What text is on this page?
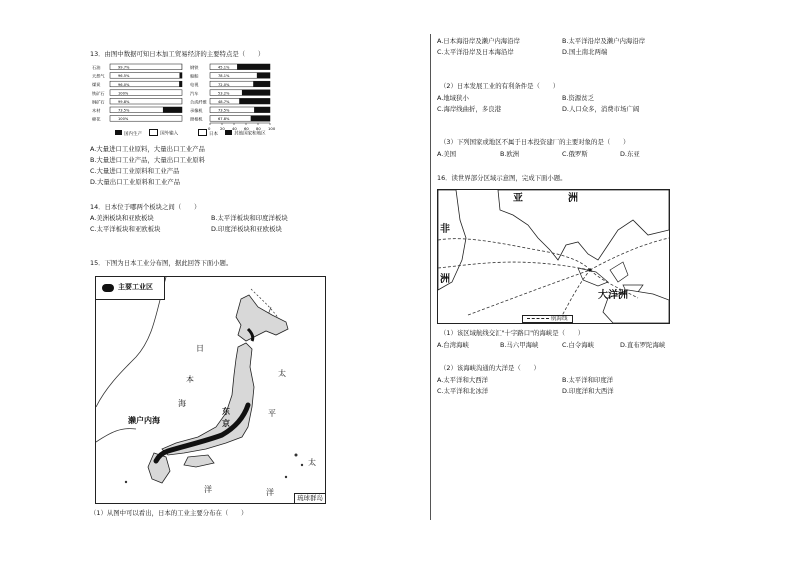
13．由图中数据可知日本加工贸易经济的主要特点是（　　）
石油	99.7%
天然气	96.5%
煤炭	96.0%
铁矿石	100%
铜矿石	99.8%
木材	73.5%
棉花	100%
钢铁	45.1%
船舶	78.1%
电视	72.0%
汽车	53.2%
合成纤维	48.7%
录像机	73.5%
照相机	67.8%
0	20 40 60 80 100
国内生产	国外输入	日本	其他国家和地区
A.大量进口工业原料，大量出口工业产品
B.大量进口工业产品，大量出口工业原料
C.大量进口工业原料和工业产品
D.大量出口工业原料和工业产品
14．日本位于哪两个板块之间（　　）
A.美洲板块和亚欧板块	B.太平洋板块和印度洋板块
C.太平洋板块和亚欧板块	D.印度洋板块和亚欧板块
15．下图为日本工业分布图，据此回答下面小题。
主要工业区
日
本
海
太
平
洋	洋
太
东
京
濑户内海
琉球群岛
（1）从图中可以看出，日本的工业主要分布在（　　）
A.日本海沿岸及濑户内海沿岸	B.太平洋沿岸及濑户内海沿岸
C.太平洋沿岸及日本海沿岸	D.国土南北两端
（2）日本发展工业的有利条件是（　　）
A.地域狭小	B.资源贫乏
C.海岸线曲折，多良港	D.人口众多，消费市场广阔
（3）下列国家或地区不属于日本投资建厂的主要对象的是（　　）
A.美国	B.欧洲	C.俄罗斯	D.东亚
16．读世界部分区域示意图，完成下面小题。
亚	洲
非
洲
大洋洲
航海线
（1）该区域航线交汇"十字路口"的海峡是（　　）
A.台湾海峡	B.马六甲海峡	C.白令海峡	D.直布罗陀海峡
（2）该海峡沟通的大洋是（　　）
A.太平洋和大西洋	B.太平洋和印度洋
C.太平洋和北冰洋	D.印度洋和大西洋
